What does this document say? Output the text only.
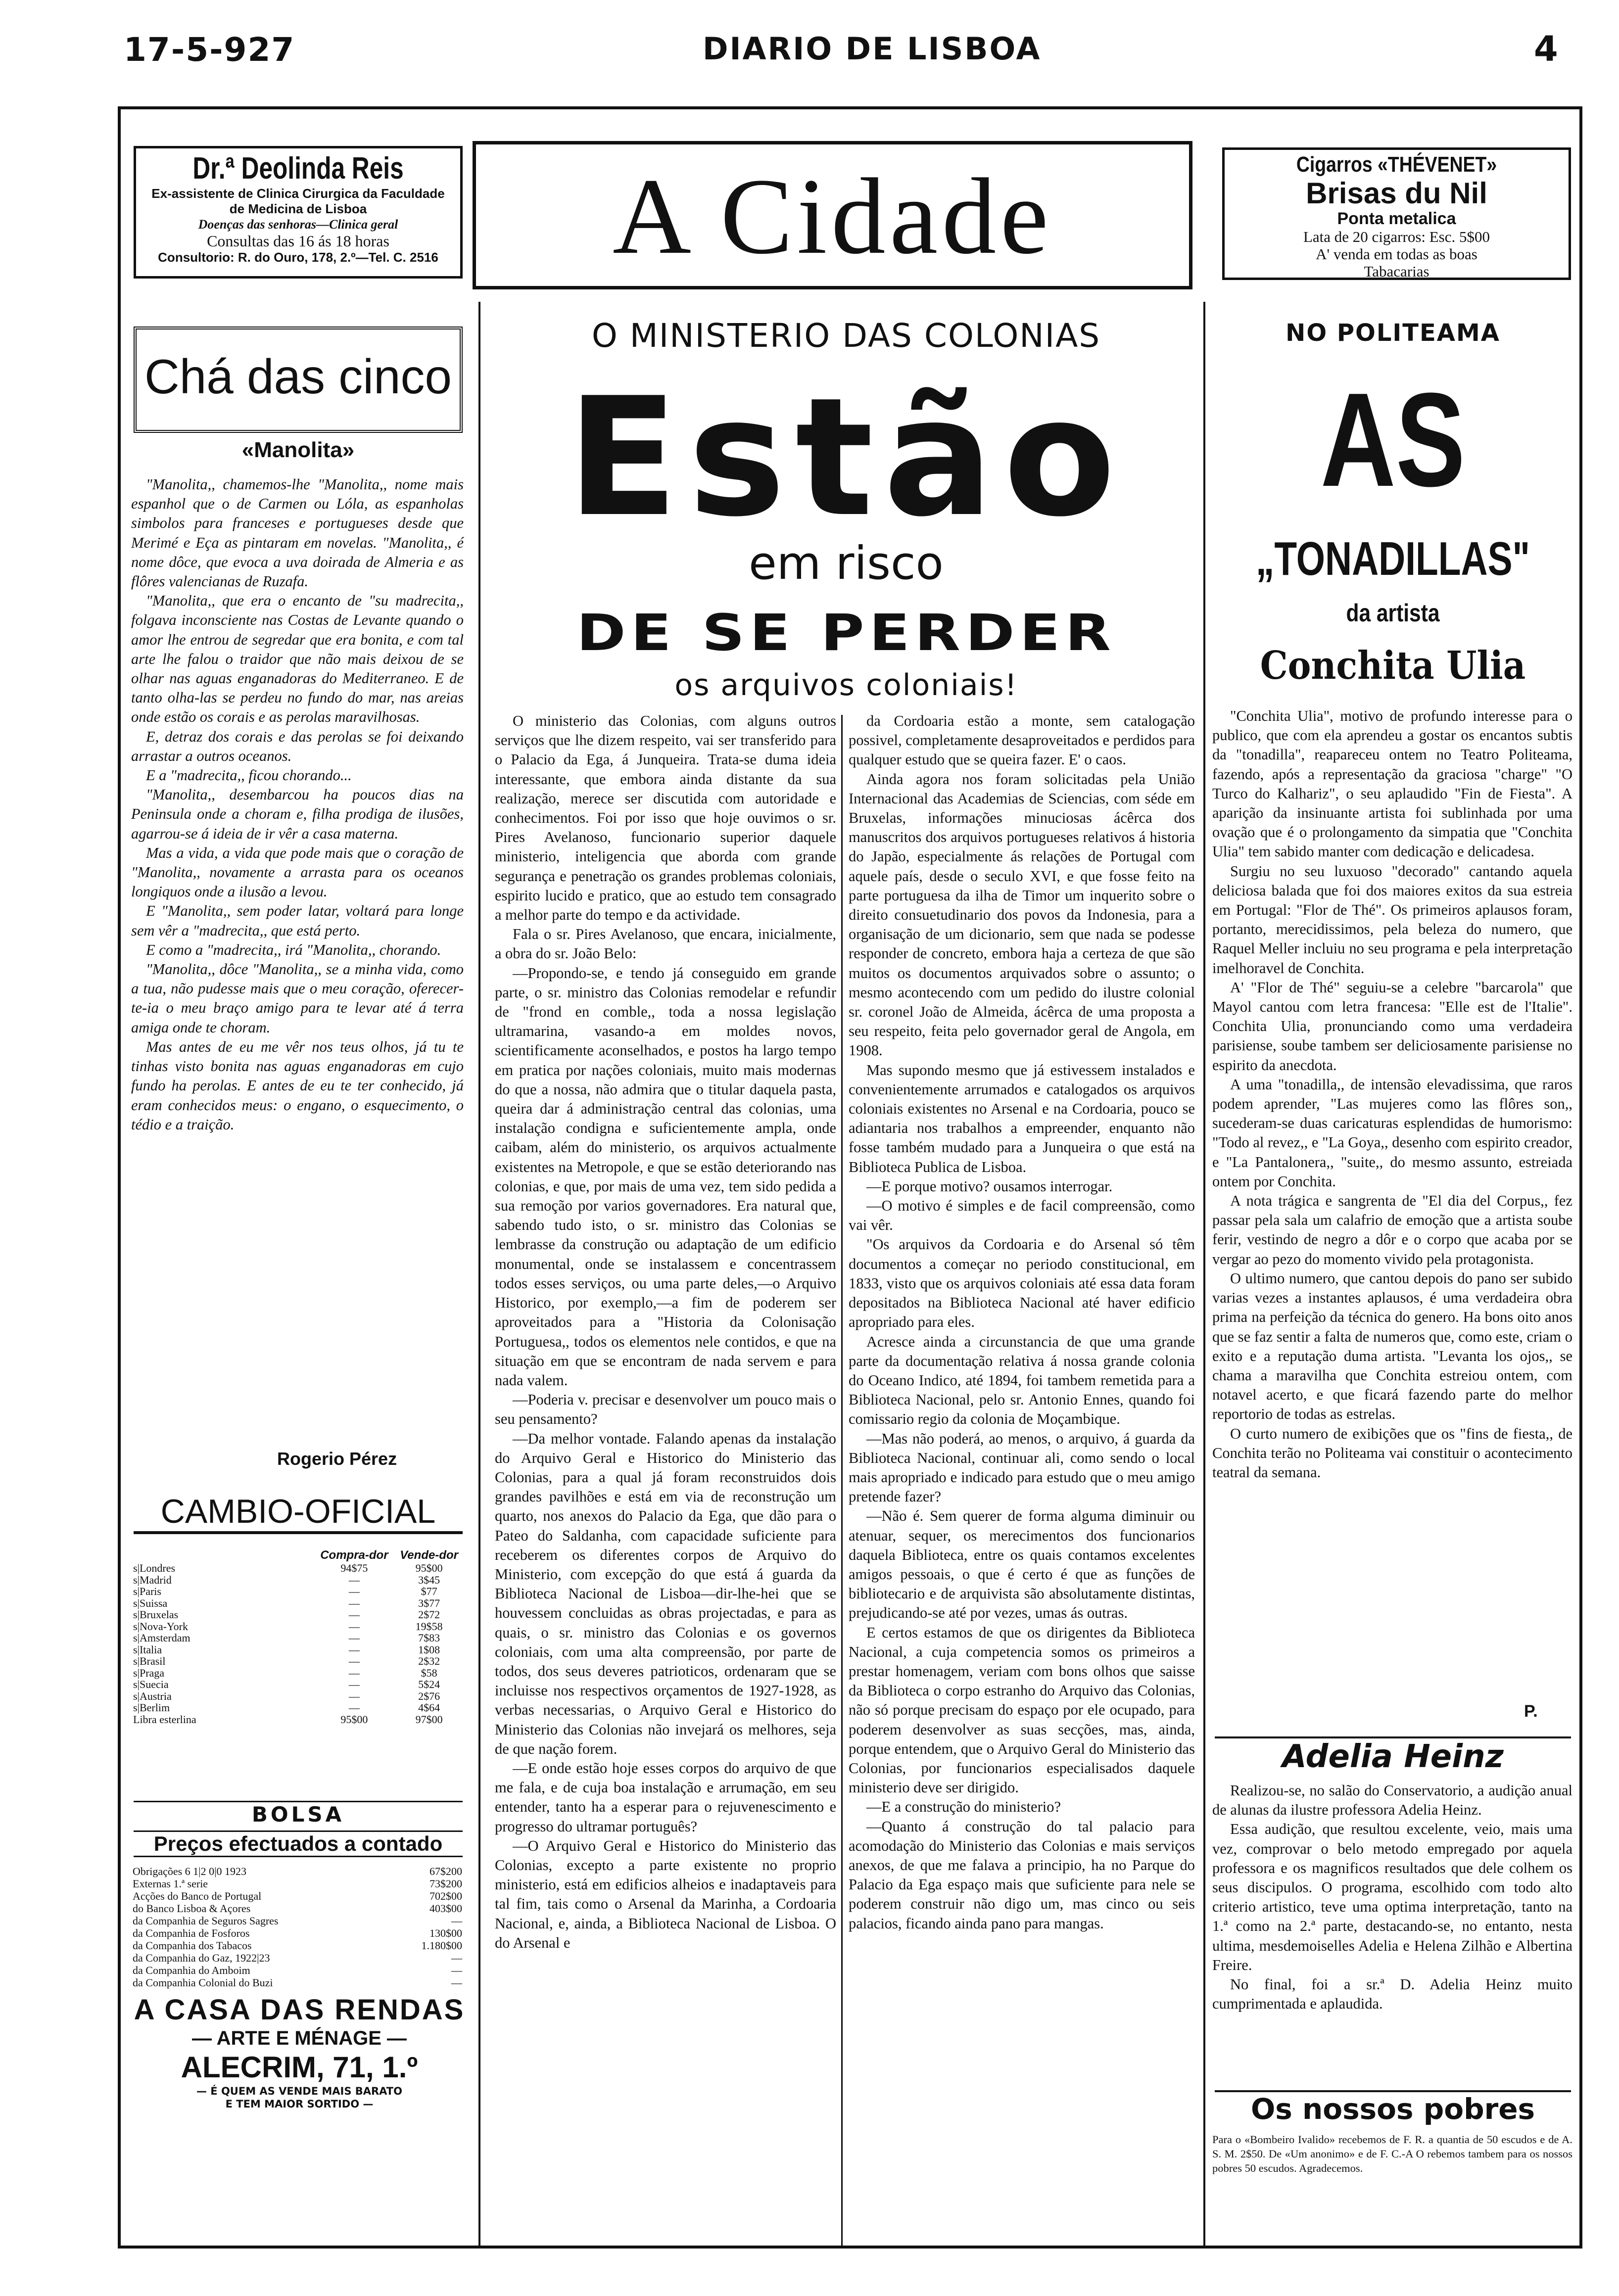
17-5-927	DIARIO DE LISBOA	4
Dr.ª Deolinda Reis
Ex-assistente de Clinica Cirurgica da Faculdade
de Medicina de Lisboa
Doenças das senhoras—Clinica geral
Consultas das 16 ás 18 horas
Consultorio: R. do Ouro, 178, 2.º—Tel. C. 2516	A Cidade	Cigarros «THÉVENET»
Brisas du Nil
Ponta metalica
Lata de 20 cigarros: Esc. 5$00
A' venda em todas as boas
Tabacarias
Chá das cinco
«Manolita»

"Manolita,, chamemos-lhe "Manolita,, nome mais espanhol que o de Carmen ou Lóla, as espanholas simbolos para franceses e portugueses desde que Merimé e Eça as pintaram em novelas. "Manolita,, é nome dôce, que evoca a uva doirada de Almeria e as flôres valencianas de Ruzafa.

"Manolita,, que era o encanto de "su madrecita,, folgava inconsciente nas Costas de Levante quando o amor lhe entrou de segredar que era bonita, e com tal arte lhe falou o traidor que não mais deixou de se olhar nas aguas enganadoras do Mediterraneo. E de tanto olha-las se perdeu no fundo do mar, nas areias onde estão os corais e as perolas maravilhosas.

E, detraz dos corais e das perolas se foi deixando arrastar a outros oceanos.

E a "madrecita,, ficou chorando...

"Manolita,, desembarcou ha poucos dias na Peninsula onde a choram e, filha prodiga de ilusões, agarrou-se á ideia de ir vêr a casa materna.

Mas a vida, a vida que pode mais que o coração de "Manolita,, novamente a arrasta para os oceanos longiquos onde a ilusão a levou.

E "Manolita,, sem poder latar, voltará para longe sem vêr a "madrecita,, que está perto.

E como a "madrecita,, irá "Manolita,, chorando.

"Manolita,, dôce "Manolita,, se a minha vida, como a tua, não pudesse mais que o meu coração, oferecer-te-ia o meu braço amigo para te levar até á terra amiga onde te choram.

Mas antes de eu me vêr nos teus olhos, já tu te tinhas visto bonita nas aguas enganadoras em cujo fundo ha perolas. E antes de eu te ter conhecido, já eram conhecidos meus: o engano, o esquecimento, o tédio e a traição.

Rogerio Pérez
CAMBIO-OFICIAL
	Compra-dor	Vende-dor
s|Londres	94$75	95$00
s|Madrid	—	3$45
s|Paris	—	$77
s|Suissa	—	3$77
s|Bruxelas	—	2$72
s|Nova-York	—	19$58
s|Amsterdam	—	7$83
s|Italia	—	1$08
s|Brasil	—	2$32
s|Praga	—	$58
s|Suecia	—	5$24
s|Austria	—	2$76
s|Berlim	—	4$64
Libra esterlina	95$00	97$00
BOLSA
Preços efectuados a contado
Obrigações 6 1|2 0|0 1923	67$200
Externas 1.ª serie	73$200
Acções do Banco de Portugal	702$00
do Banco Lisboa & Açores	403$00
da Companhia de Seguros Sagres	—
da Companhia de Fosforos	130$00
da Companhia dos Tabacos	1.180$00
da Companhia do Gaz, 1922|23	—
da Companhia do Amboim	—
da Companhia Colonial do Buzi	—
A CASA DAS RENDAS
— ARTE E MÉNAGE —
ALECRIM, 71, 1.º
— É QUEM AS VENDE MAIS BARATO
E TEM MAIOR SORTIDO —
O MINISTERIO DAS COLONIAS
Estão
em risco
DE SE PERDER
os arquivos coloniais!

O ministerio das Colonias, com alguns outros serviços que lhe dizem respeito, vai ser transferido para o Palacio da Ega, á Junqueira. Trata-se duma ideia interessante, que embora ainda distante da sua realização, merece ser discutida com autoridade e conhecimentos. Foi por isso que hoje ouvimos o sr. Pires Avelanoso, funcionario superior daquele ministerio, inteligencia que aborda com grande segurança e penetração os grandes problemas coloniais, espirito lucido e pratico, que ao estudo tem consagrado a melhor parte do tempo e da actividade.

Fala o sr. Pires Avelanoso, que encara, inicialmente, a obra do sr. João Belo:

—Propondo-se, e tendo já conseguido em grande parte, o sr. ministro das Colonias remodelar e refundir de "frond en comble,, toda a nossa legislação ultramarina, vasando-a em moldes novos, scientificamente aconselhados, e postos ha largo tempo em pratica por nações coloniais, muito mais modernas do que a nossa, não admira que o titular daquela pasta, queira dar á administração central das colonias, uma instalação condigna e suficientemente ampla, onde caibam, além do ministerio, os arquivos actualmente existentes na Metropole, e que se estão deteriorando nas colonias, e que, por mais de uma vez, tem sido pedida a sua remoção por varios governadores. Era natural que, sabendo tudo isto, o sr. ministro das Colonias se lembrasse da construção ou adaptação de um edificio monumental, onde se instalassem e concentrassem todos esses serviços, ou uma parte deles,—o Arquivo Historico, por exemplo,—a fim de poderem ser aproveitados para a "Historia da Colonisação Portuguesa,, todos os elementos nele contidos, e que na situação em que se encontram de nada servem e para nada valem.

—Poderia v. precisar e desenvolver um pouco mais o seu pensamento?

—Da melhor vontade. Falando apenas da instalação do Arquivo Geral e Historico do Ministerio das Colonias, para a qual já foram reconstruidos dois grandes pavilhões e está em via de reconstrução um quarto, nos anexos do Palacio da Ega, que dão para o Pateo do Saldanha, com capacidade suficiente para receberem os diferentes corpos de Arquivo do Ministerio, com excepção do que está á guarda da Biblioteca Nacional de Lisboa—dir-lhe-hei que se houvessem concluidas as obras projectadas, e para as quais, o sr. ministro das Colonias e os governos coloniais, com uma alta compreensão, por parte de todos, dos seus deveres patrioticos, ordenaram que se incluisse nos respectivos orçamentos de 1927-1928, as verbas necessarias, o Arquivo Geral e Historico do Ministerio das Colonias não invejará os melhores, seja de que nação forem.

—E onde estão hoje esses corpos do arquivo de que me fala, e de cuja boa instalação e arrumação, em seu entender, tanto ha a esperar para o rejuvenescimento e progresso do ultramar português?

—O Arquivo Geral e Historico do Ministerio das Colonias, excepto a parte existente no proprio ministerio, está em edificios alheios e inadaptaveis para tal fim, tais como o Arsenal da Marinha, a Cordoaria Nacional, e, ainda, a Biblioteca Nacional de Lisboa. O do Arsenal e

da Cordoaria estão a monte, sem catalogação possivel, completamente desaproveitados e perdidos para qualquer estudo que se queira fazer. E' o caos.

Ainda agora nos foram solicitadas pela União Internacional das Academias de Sciencias, com séde em Bruxelas, informações minuciosas ácêrca dos manuscritos dos arquivos portugueses relativos á historia do Japão, especialmente ás relações de Portugal com aquele país, desde o seculo XVI, e que fosse feito na parte portuguesa da ilha de Timor um inquerito sobre o direito consuetudinario dos povos da Indonesia, para a organisação de um dicionario, sem que nada se podesse responder de concreto, embora haja a certeza de que são muitos os documentos arquivados sobre o assunto; o mesmo acontecendo com um pedido do ilustre colonial sr. coronel João de Almeida, ácêrca de uma proposta a seu respeito, feita pelo governador geral de Angola, em 1908.

Mas supondo mesmo que já estivessem instalados e convenientemente arrumados e catalogados os arquivos coloniais existentes no Arsenal e na Cordoaria, pouco se adiantaria nos trabalhos a empreender, enquanto não fosse também mudado para a Junqueira o que está na Biblioteca Publica de Lisboa.

—E porque motivo? ousamos interrogar.

—O motivo é simples e de facil compreensão, como vai vêr.

"Os arquivos da Cordoaria e do Arsenal só têm documentos a começar no periodo constitucional, em 1833, visto que os arquivos coloniais até essa data foram depositados na Biblioteca Nacional até haver edificio apropriado para eles.

Acresce ainda a circunstancia de que uma grande parte da documentação relativa á nossa grande colonia do Oceano Indico, até 1894, foi tambem remetida para a Biblioteca Nacional, pelo sr. Antonio Ennes, quando foi comissario regio da colonia de Moçambique.

—Mas não poderá, ao menos, o arquivo, á guarda da Biblioteca Nacional, continuar ali, como sendo o local mais apropriado e indicado para estudo que o meu amigo pretende fazer?

—Não é. Sem querer de forma alguma diminuir ou atenuar, sequer, os merecimentos dos funcionarios daquela Biblioteca, entre os quais contamos excelentes amigos pessoais, o que é certo é que as funções de bibliotecario e de arquivista são absolutamente distintas, prejudicando-se até por vezes, umas ás outras.

E certos estamos de que os dirigentes da Biblioteca Nacional, a cuja competencia somos os primeiros a prestar homenagem, veriam com bons olhos que saisse da Biblioteca o corpo estranho do Arquivo das Colonias, não só porque precisam do espaço por ele ocupado, para poderem desenvolver as suas secções, mas, ainda, porque entendem, que o Arquivo Geral do Ministerio das Colonias, por funcionarios especialisados daquele ministerio deve ser dirigido.

—E a construção do ministerio?

—Quanto á construção do tal palacio para acomodação do Ministerio das Colonias e mais serviços anexos, de que me falava a principio, ha no Parque do Palacio da Ega espaço mais que suficiente para nele se poderem construir não digo um, mas cinco ou seis palacios, ficando ainda pano para mangas.

NO POLITEAMA
AS
„TONADILLAS"
da artista
Conchita Ulia

"Conchita Ulia", motivo de profundo interesse para o publico, que com ela aprendeu a gostar os encantos subtis da "tonadilla", reapareceu ontem no Teatro Politeama, fazendo, após a representação da graciosa "charge" "O Turco do Kalhariz", o seu aplaudido "Fin de Fiesta". A aparição da insinuante artista foi sublinhada por uma ovação que é o prolongamento da simpatia que "Conchita Ulia" tem sabido manter com dedicação e delicadesa.

Surgiu no seu luxuoso "decorado" cantando aquela deliciosa balada que foi dos maiores exitos da sua estreia em Portugal: "Flor de Thé". Os primeiros aplausos foram, portanto, merecidissimos, pela beleza do numero, que Raquel Meller incluiu no seu programa e pela interpretação imelhoravel de Conchita.

A' "Flor de Thé" seguiu-se a celebre "barcarola" que Mayol cantou com letra francesa: "Elle est de l'Italie". Conchita Ulia, pronunciando como uma verdadeira parisiense, soube tambem ser deliciosamente parisiense no espirito da anecdota.

A uma "tonadilla,, de intensão elevadissima, que raros podem aprender, "Las mujeres como las flôres son,, sucederam-se duas caricaturas esplendidas de humorismo: "Todo al revez,, e "La Goya,, desenho com espirito creador, e "La Pantalonera,, "suite,, do mesmo assunto, estreiada ontem por Conchita.

A nota trágica e sangrenta de "El dia del Corpus,, fez passar pela sala um calafrio de emoção que a artista soube ferir, vestindo de negro a dôr e o corpo que acaba por se vergar ao pezo do momento vivido pela protagonista.

O ultimo numero, que cantou depois do pano ser subido varias vezes a instantes aplausos, é uma verdadeira obra prima na perfeição da técnica do genero. Ha bons oito anos que se faz sentir a falta de numeros que, como este, criam o exito e a reputação duma artista. "Levanta los ojos,, se chama a maravilha que Conchita estreiou ontem, com notavel acerto, e que ficará fazendo parte do melhor reportorio de todas as estrelas.

O curto numero de exibições que os "fins de fiesta,, de Conchita terão no Politeama vai constituir o acontecimento teatral da semana.

P.
Adelia Heinz

Realizou-se, no salão do Conservatorio, a audição anual de alunas da ilustre professora Adelia Heinz.

Essa audição, que resultou excelente, veio, mais uma vez, comprovar o belo metodo empregado por aquela professora e os magnificos resultados que dele colhem os seus discipulos. O programa, escolhido com todo alto criterio artistico, teve uma optima interpretação, tanto na 1.ª como na 2.ª parte, destacando-se, no entanto, nesta ultima, mesdemoiselles Adelia e Helena Zilhão e Albertina Freire.

No final, foi a sr.ª D. Adelia Heinz muito cumprimentada e aplaudida.

Os nossos pobres
Para o «Bombeiro Ivalido» recebemos de F. R. a quantia de 50 escudos e de A. S. M. 2$50. De «Um anonimo» e de F. C.-A O rebemos tambem para os nossos pobres 50 escudos. Agradecemos.
